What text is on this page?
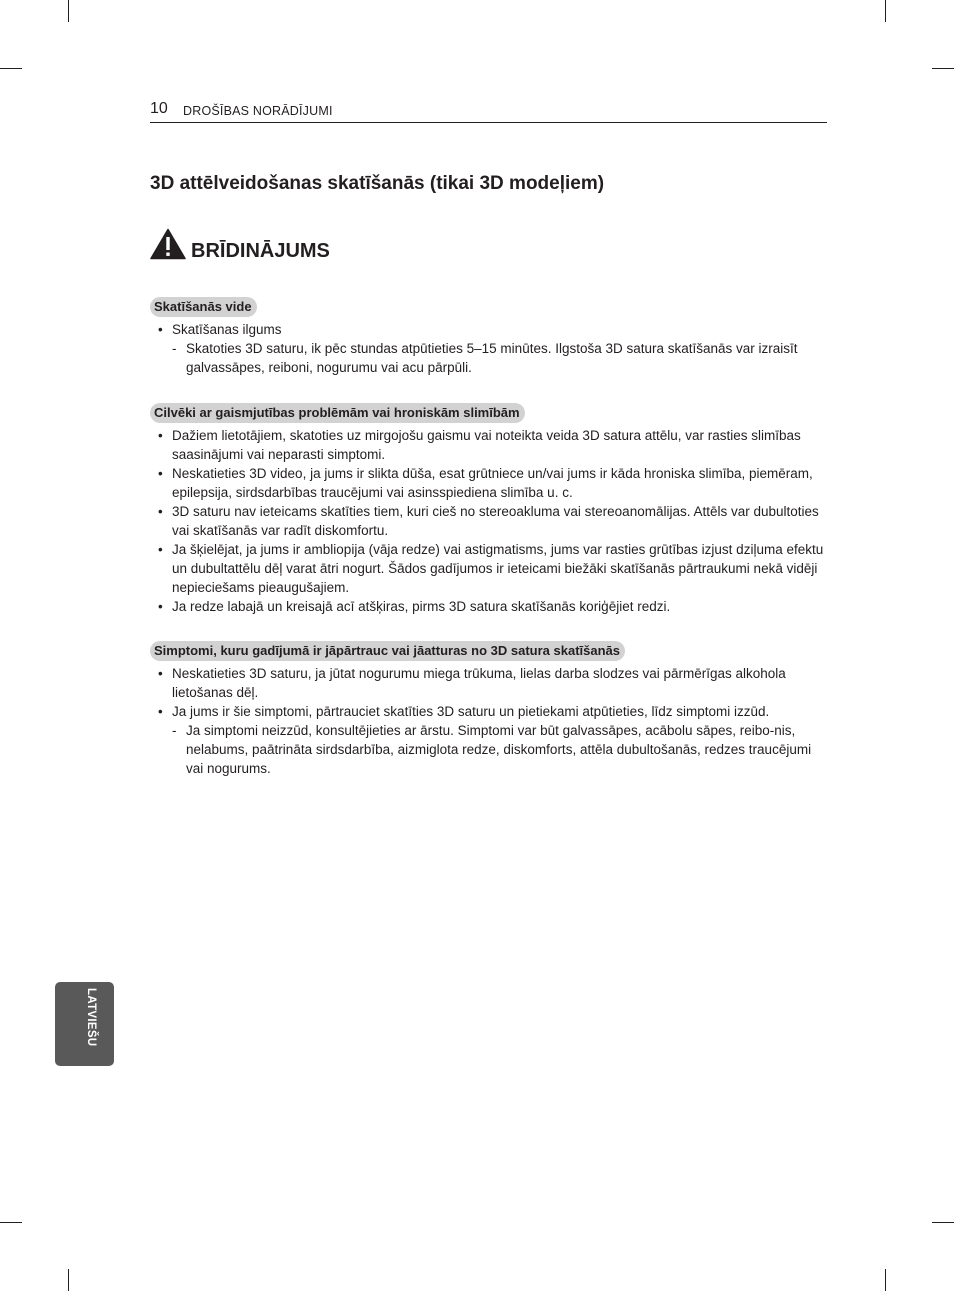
10 DROŠĪBAS NORĀDĪJUMI
3D attēlveidošanas skatīšanās (tikai 3D modeļiem)
BRĪDINĀJUMS
Skatīšanās vide
• Skatīšanas ilgums
- Skatoties 3D saturu, ik pēc stundas atpūtieties 5–15 minūtes. Ilgstoša 3D satura skatīšanās var izraisīt galvassāpes, reiboni, nogurumu vai acu pārpūli.
Cilvēki ar gaismjutības problēmām vai hroniskām slimībām
• Dažiem lietotājiem, skatoties uz mirgojošu gaismu vai noteikta veida 3D satura attēlu, var rasties slimības saasinājumi vai neparasti simptomi.
• Neskatieties 3D video, ja jums ir slikta dūša, esat grūtniece un/vai jums ir kāda hroniska slimība, piemēram, epilepsija, sirdsdarbības traucējumi vai asinsspiediena slimība u. c.
• 3D saturu nav ieteicams skatīties tiem, kuri cieš no stereoakluma vai stereoanomālijas. Attēls var dubultoties vai skatīšanās var radīt diskomfortu.
• Ja šķielējat, ja jums ir ambliopija (vāja redze) vai astigmatisms, jums var rasties grūtības izjust dziļuma efektu un dubultattēlu dēļ varat ātri nogurt. Šādos gadījumos ir ieteicami biežāki skatīšanās pārtraukumi nekā vidēji nepieciešams pieaugušajiem.
• Ja redze labajā un kreisajā acī atšķiras, pirms 3D satura skatīšanās koriģējiet redzi.
Simptomi, kuru gadījumā ir jāpārtrauc vai jāatturas no 3D satura skatīšanās
• Neskatieties 3D saturu, ja jūtat nogurumu miega trūkuma, lielas darba slodzes vai pārmērīgas alkohola lietošanas dēļ.
• Ja jums ir šie simptomi, pārtrauciet skatīties 3D saturu un pietiekami atpūtieties, līdz simptomi izzūd.
- Ja simptomi neizzūd, konsultējieties ar ārstu. Simptomi var būt galvassāpes, acābolu sāpes, reibo-nis, nelabums, paātrināta sirdsdarbība, aizmiglota redze, diskomforts, attēla dubultošanās, redzes traucējumi vai nogurums.
LATVIEŠU
